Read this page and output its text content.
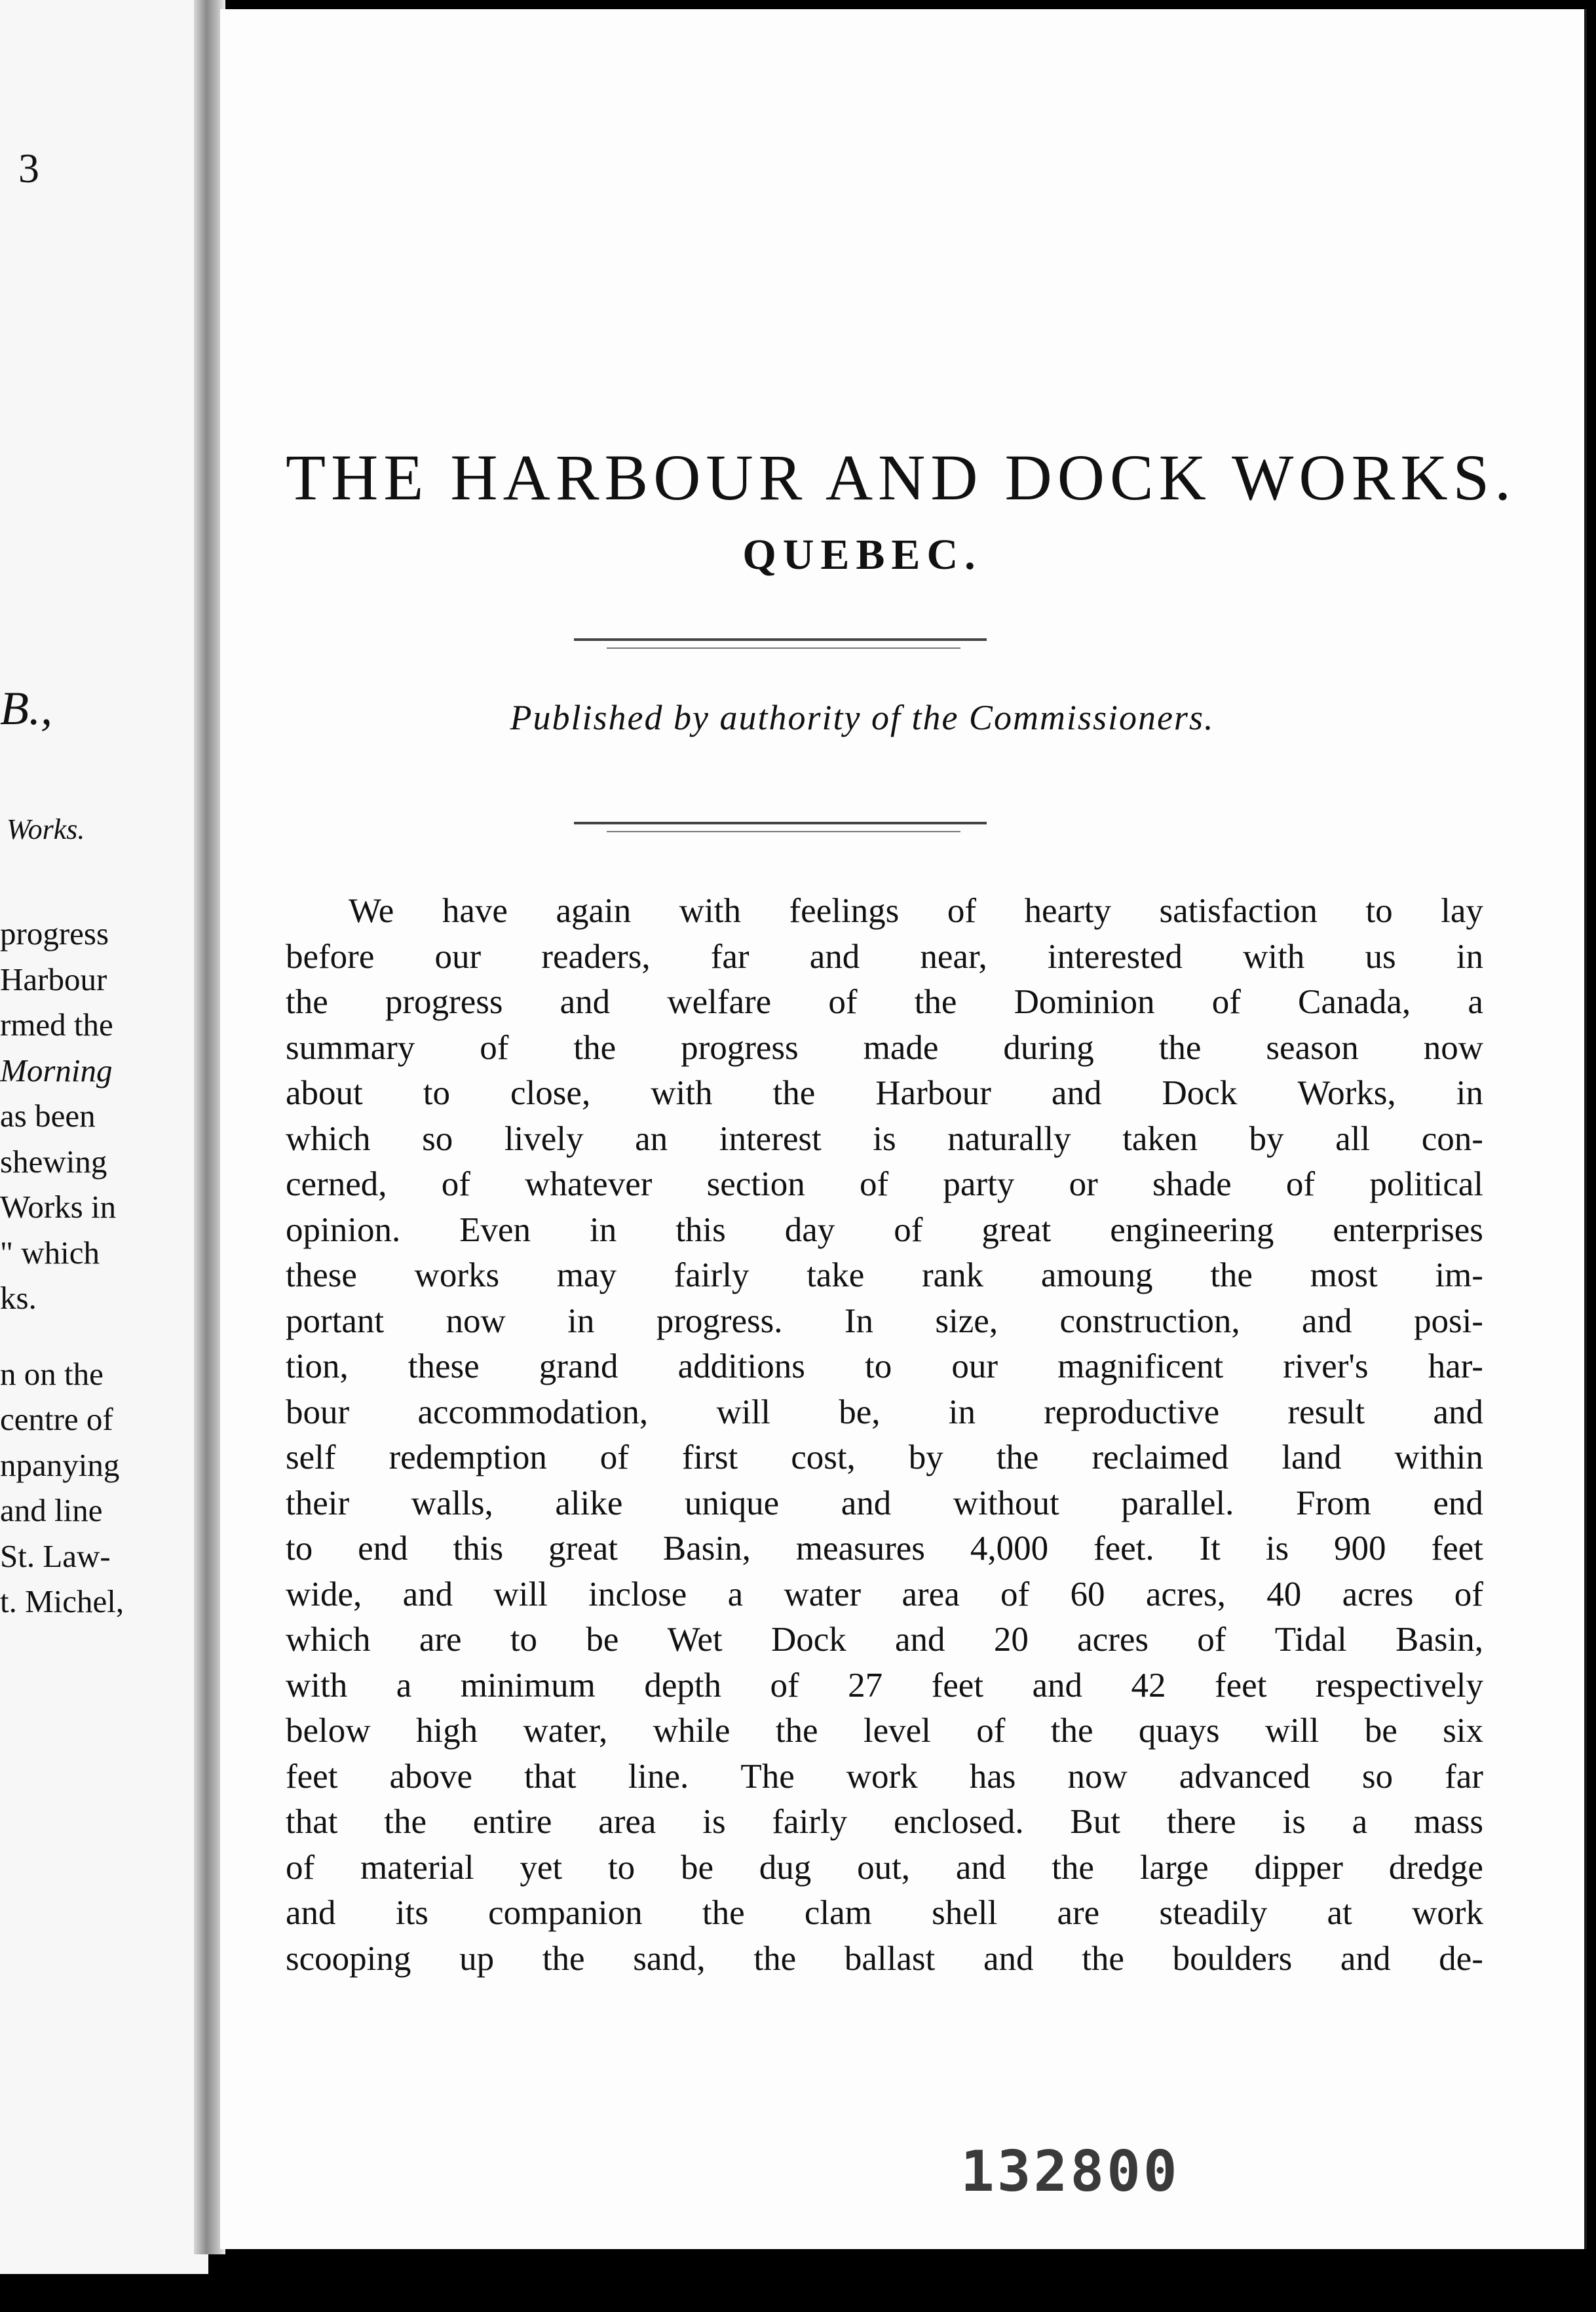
3
B.,
Works.
progress
Harbour
rmed the
Morning
as been
shewing
Works in
" which
ks.
n on the
centre of
npanying
and line
St. Law-
t. Michel,
THE HARBOUR AND DOCK WORKS.
QUEBEC.
Published by authority of the Commissioners.
We have again with feelings of hearty satisfaction to lay
before our readers, far and near, interested with us in
the progress and welfare of the Dominion of Canada, a
summary of the progress made during the season now
about to close, with the Harbour and Dock Works, in
which so lively an interest is naturally taken by all con-
cerned, of whatever section of party or shade of political
opinion. Even in this day of great engineering enterprises
these works may fairly take rank amoung the most im-
portant now in progress. In size, construction, and posi-
tion, these grand additions to our magnificent river's har-
bour accommodation, will be, in reproductive result and
self redemption of first cost, by the reclaimed land within
their walls, alike unique and without parallel. From end
to end this great Basin, measures 4,000 feet. It is 900 feet
wide, and will inclose a water area of 60 acres, 40 acres of
which are to be Wet Dock and 20 acres of Tidal Basin,
with a minimum depth of 27 feet and 42 feet respectively
below high water, while the level of the quays will be six
feet above that line. The work has now advanced so far
that the entire area is fairly enclosed. But there is a mass
of material yet to be dug out, and the large dipper dredge
and its companion the clam shell are steadily at work
scooping up the sand, the ballast and the boulders and de-
132800
